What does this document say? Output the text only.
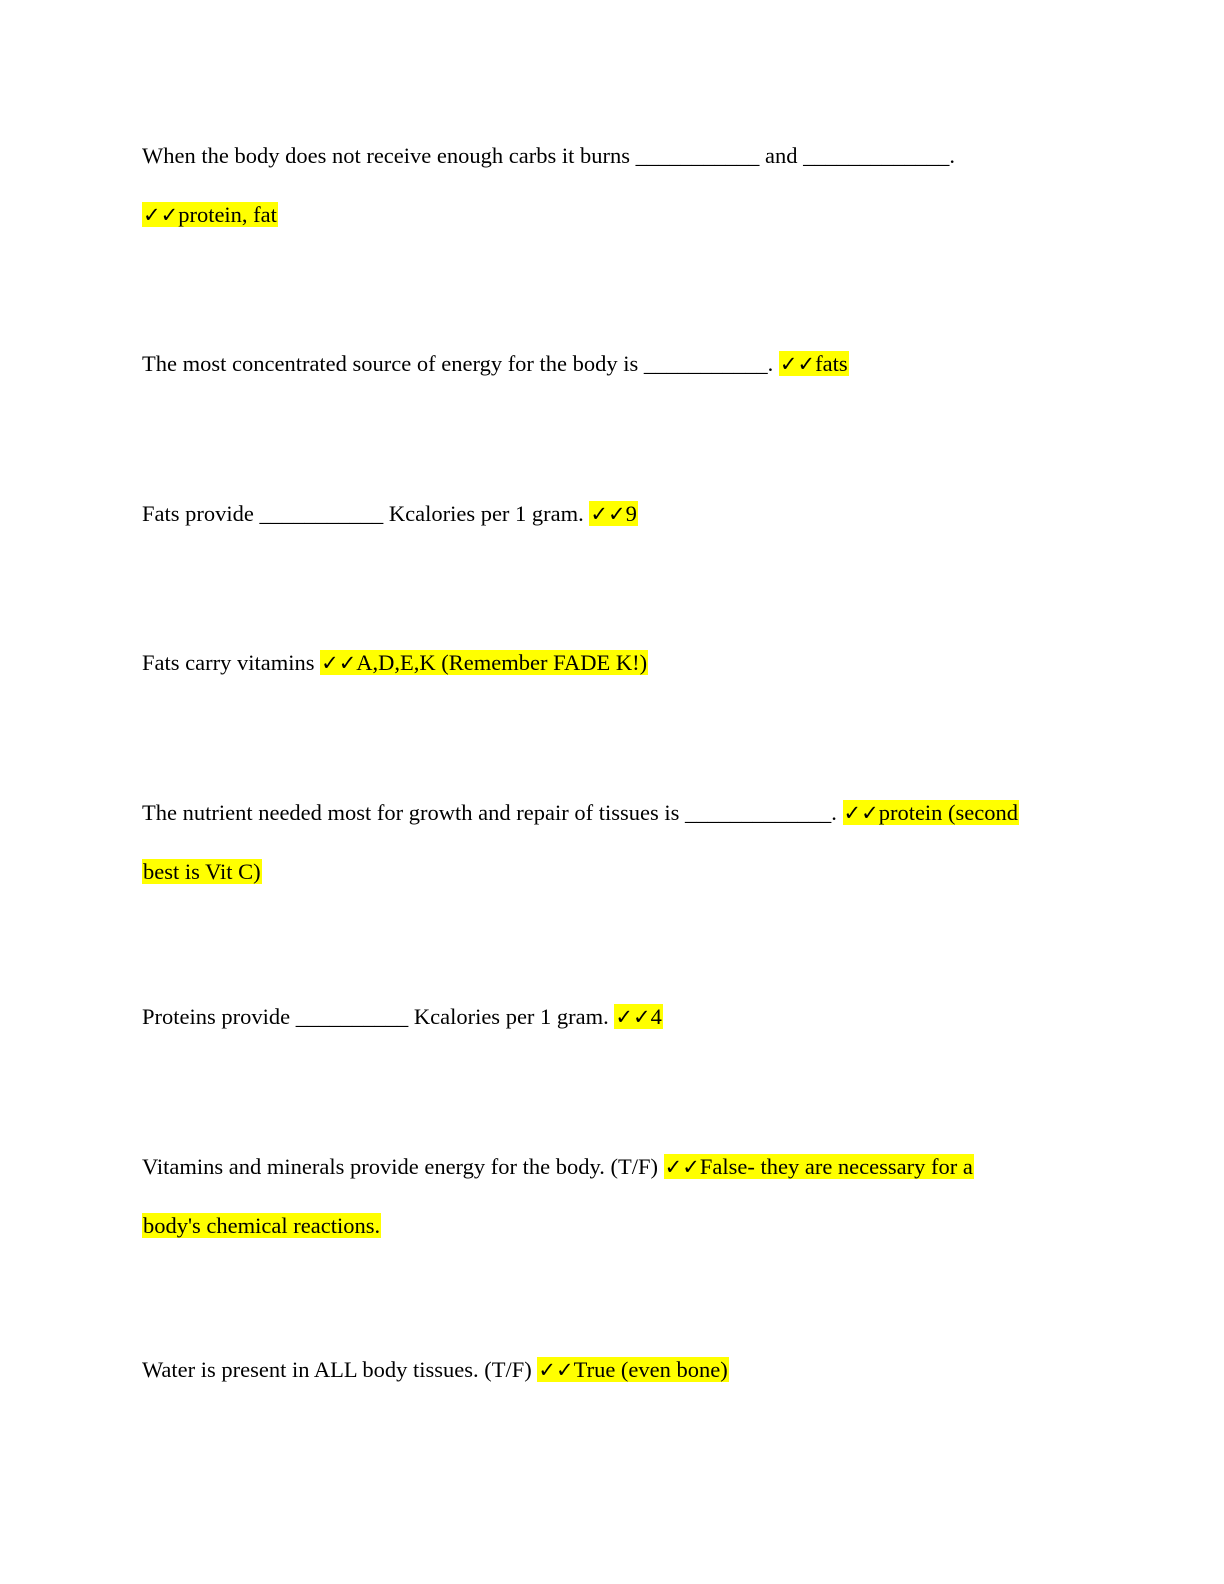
When the body does not receive enough carbs it burns ___________ and _____________.
✓✓protein, fat
The most concentrated source of energy for the body is ___________. ✓✓fats
Fats provide ___________ Kcalories per 1 gram. ✓✓9
Fats carry vitamins ✓✓A,D,E,K (Remember FADE K!)
The nutrient needed most for growth and repair of tissues is _____________. ✓✓protein (second
best is Vit C)
Proteins provide __________ Kcalories per 1 gram. ✓✓4
Vitamins and minerals provide energy for the body. (T/F) ✓✓False- they are necessary for a
body's chemical reactions.
Water is present in ALL body tissues. (T/F) ✓✓True (even bone)
